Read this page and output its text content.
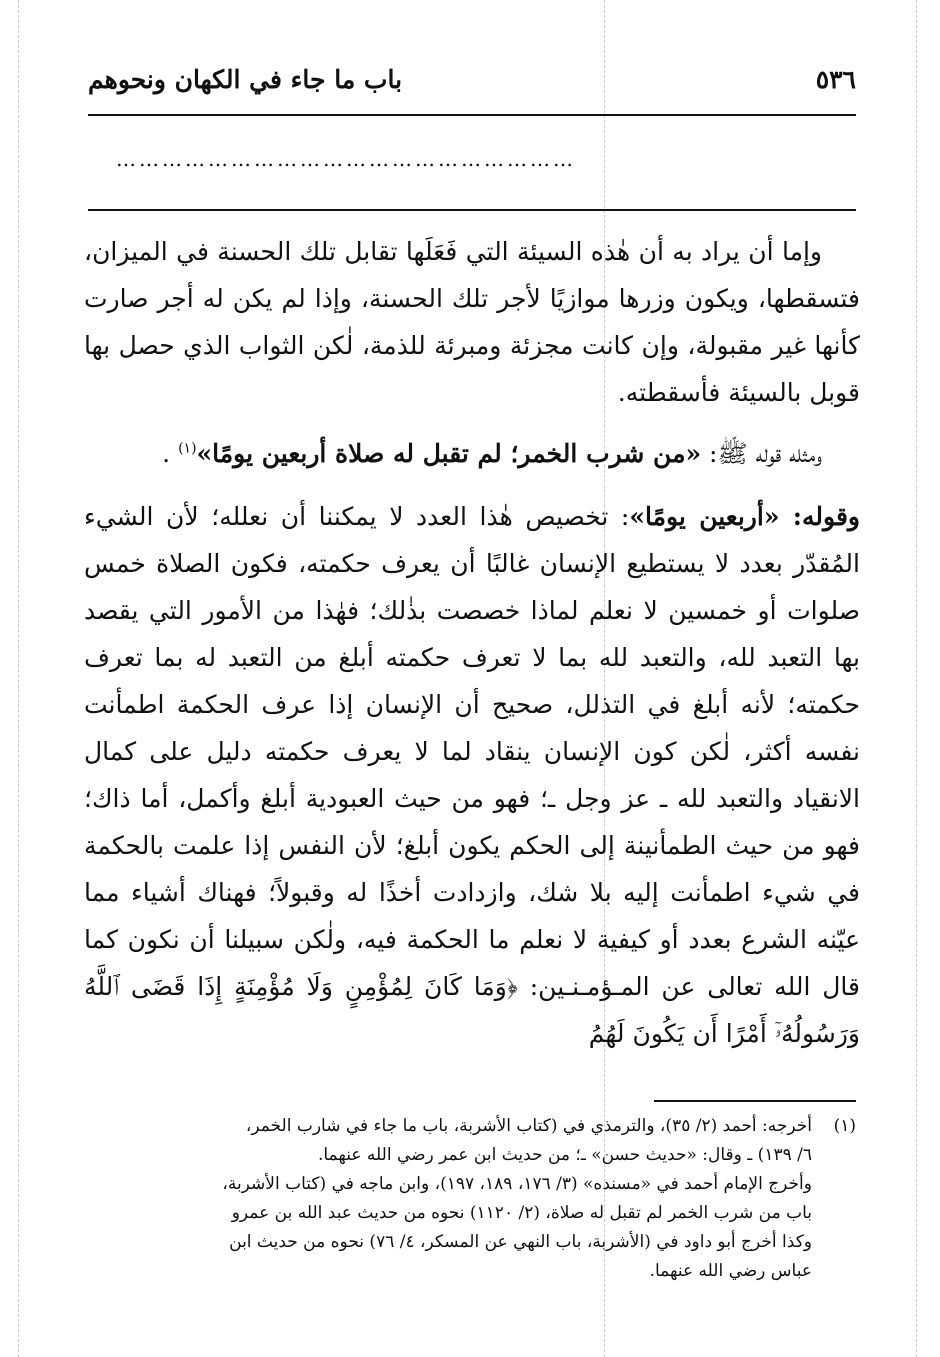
٥٣٦
باب ما جاء في الكهان ونحوهم
……………………………………………………

وإما أن يراد به أن هٰذه السيئة التي فَعَلَها تقابل تلك الحسنة في الميزان، فتسقطها، ويكون وزرها موازيًا لأجر تلك الحسنة، وإذا لم يكن له أجر صارت كأنها غير مقبولة، وإن كانت مجزئة ومبرئة للذمة، لٰكن الثواب الذي حصل بها قوبل بالسيئة فأسقطته.

ومثله قوله ﷺ: «من شرب الخمر؛ لم تقبل له صلاة أربعين يومًا»$^{(١)}$ .

وقوله: «أربعين يومًا»: تخصيص هٰذا العدد لا يمكننا أن نعلله؛ لأن الشيء المُقدّر بعدد لا يستطيع الإنسان غالبًا أن يعرف حكمته، فكون الصلاة خمس صلوات أو خمسين لا نعلم لماذا خصصت بذٰلك؛ فهٰذا من الأمور التي يقصد بها التعبد لله، والتعبد لله بما لا تعرف حكمته أبلغ من التعبد له بما تعرف حكمته؛ لأنه أبلغ في التذلل، صحيح أن الإنسان إذا عرف الحكمة اطمأنت نفسه أكثر، لٰكن كون الإنسان ينقاد لما لا يعرف حكمته دليل على كمال الانقياد والتعبد لله ـ عز وجل ـ؛ فهو من حيث العبودية أبلغ وأكمل، أما ذاك؛ فهو من حيث الطمأنينة إلى الحكم يكون أبلغ؛ لأن النفس إذا علمت بالحكمة في شيء اطمأنت إليه بلا شك، وازدادت أخذًا له وقبولاً؛ فهناك أشياء مما عيّنه الشرع بعدد أو كيفية لا نعلم ما الحكمة فيه، ولٰكن سبيلنا أن نكون كما قال الله تعالى عن المـؤمـنـين: ﴿وَمَا كَانَ لِمُؤْمِنٍ وَلَا مُؤْمِنَةٍ إِذَا قَضَى ٱللَّهُ وَرَسُولُهُۥٓ أَمْرًا أَن يَكُونَ لَهُمُ

(١)
أخرجه: أحمد (٢/ ٣٥)، والترمذي في (كتاب الأشربة، باب ما جاء في شارب الخمر،
٦/ ١٣٩) ـ وقال: «حديث حسن» ـ؛ من حديث ابن عمر رضي الله عنهما.
وأخرج الإمام أحمد في «مسنده» (٣/ ١٧٦، ١٨٩، ١٩٧)، وابن ماجه في (كتاب الأشربة،
باب من شرب الخمر لم تقبل له صلاة، (٢/ ١١٢٠) نحوه من حديث عبد الله بن عمرو
وكذا أخرج أبو داود في (الأشربة، باب النهي عن المسكر، ٤/ ٧٦) نحوه من حديث ابن
عباس رضي الله عنهما.
